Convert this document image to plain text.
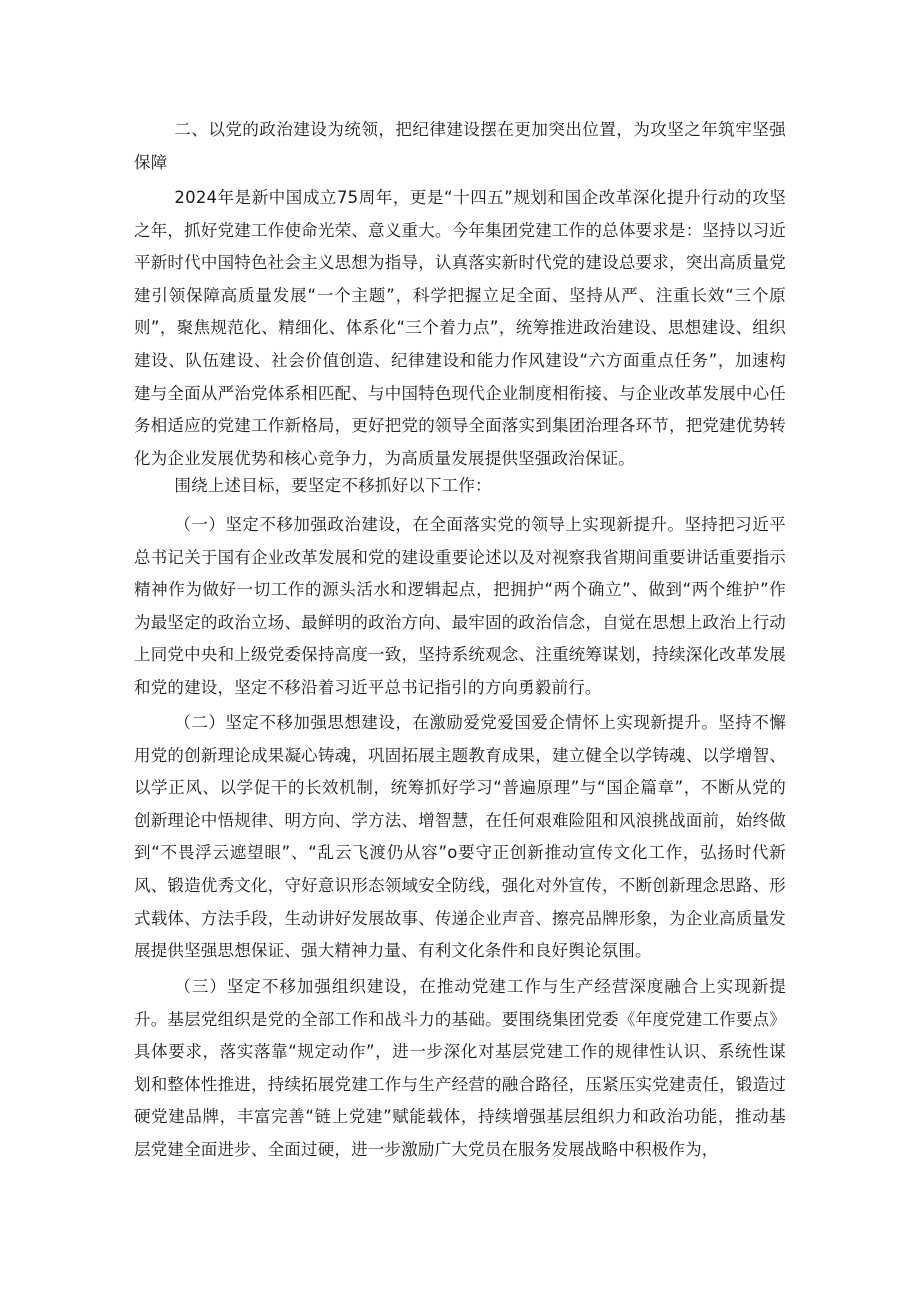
二、以党的政治建设为统领，把纪律建设摆在更加突出位置，为攻坚之年筑牢坚强保障

2024年是新中国成立75周年，更是“十四五”规划和国企改革深化提升行动的攻坚之年，抓好党建工作使命光荣、意义重大。今年集团党建工作的总体要求是：坚持以习近平新时代中国特色社会主义思想为指导，认真落实新时代党的建设总要求，突出高质量党建引领保障高质量发展“一个主题”，科学把握立足全面、坚持从严、注重长效“三个原则”，聚焦规范化、精细化、体系化“三个着力点”，统筹推进政治建设、思想建设、组织建设、队伍建设、社会价值创造、纪律建设和能力作风建设“六方面重点任务”，加速构建与全面从严治党体系相匹配、与中国特色现代企业制度相衔接、与企业改革发展中心任务相适应的党建工作新格局，更好把党的领导全面落实到集团治理各环节，把党建优势转化为企业发展优势和核心竞争力，为高质量发展提供坚强政治保证。

围绕上述目标，要坚定不移抓好以下工作：

（一）坚定不移加强政治建设，在全面落实党的领导上实现新提升。坚持把习近平总书记关于国有企业改革发展和党的建设重要论述以及对视察我省期间重要讲话重要指示精神作为做好一切工作的源头活水和逻辑起点，把拥护“两个确立”、做到“两个维护”作为最坚定的政治立场、最鲜明的政治方向、最牢固的政治信念，自觉在思想上政治上行动上同党中央和上级党委保持高度一致，坚持系统观念、注重统筹谋划，持续深化改革发展和党的建设，坚定不移沿着习近平总书记指引的方向勇毅前行。

（二）坚定不移加强思想建设，在激励爱党爱国爱企情怀上实现新提升。坚持不懈用党的创新理论成果凝心铸魂，巩固拓展主题教育成果，建立健全以学铸魂、以学增智、以学正风、以学促干的长效机制，统筹抓好学习“普遍原理”与“国企篇章”，不断从党的创新理论中悟规律、明方向、学方法、增智慧，在任何艰难险阻和风浪挑战面前，始终做到“不畏浮云遮望眼”、“乱云飞渡仍从容”o要守正创新推动宣传文化工作，弘扬时代新风、锻造优秀文化，守好意识形态领域安全防线，强化对外宣传，不断创新理念思路、形式载体、方法手段，生动讲好发展故事、传递企业声音、擦亮品牌形象，为企业高质量发展提供坚强思想保证、强大精神力量、有利文化条件和良好舆论氛围。

（三）坚定不移加强组织建设，在推动党建工作与生产经营深度融合上实现新提升。基层党组织是党的全部工作和战斗力的基础。要围绕集团党委《年度党建工作要点》具体要求，落实落靠“规定动作”，进一步深化对基层党建工作的规律性认识、系统性谋划和整体性推进，持续拓展党建工作与生产经营的融合路径，压紧压实党建责任，锻造过硬党建品牌，丰富完善“链上党建”赋能载体，持续增强基层组织力和政治功能，推动基层党建全面进步、全面过硬，进一步激励广大党员在服务发展战略中积极作为，
